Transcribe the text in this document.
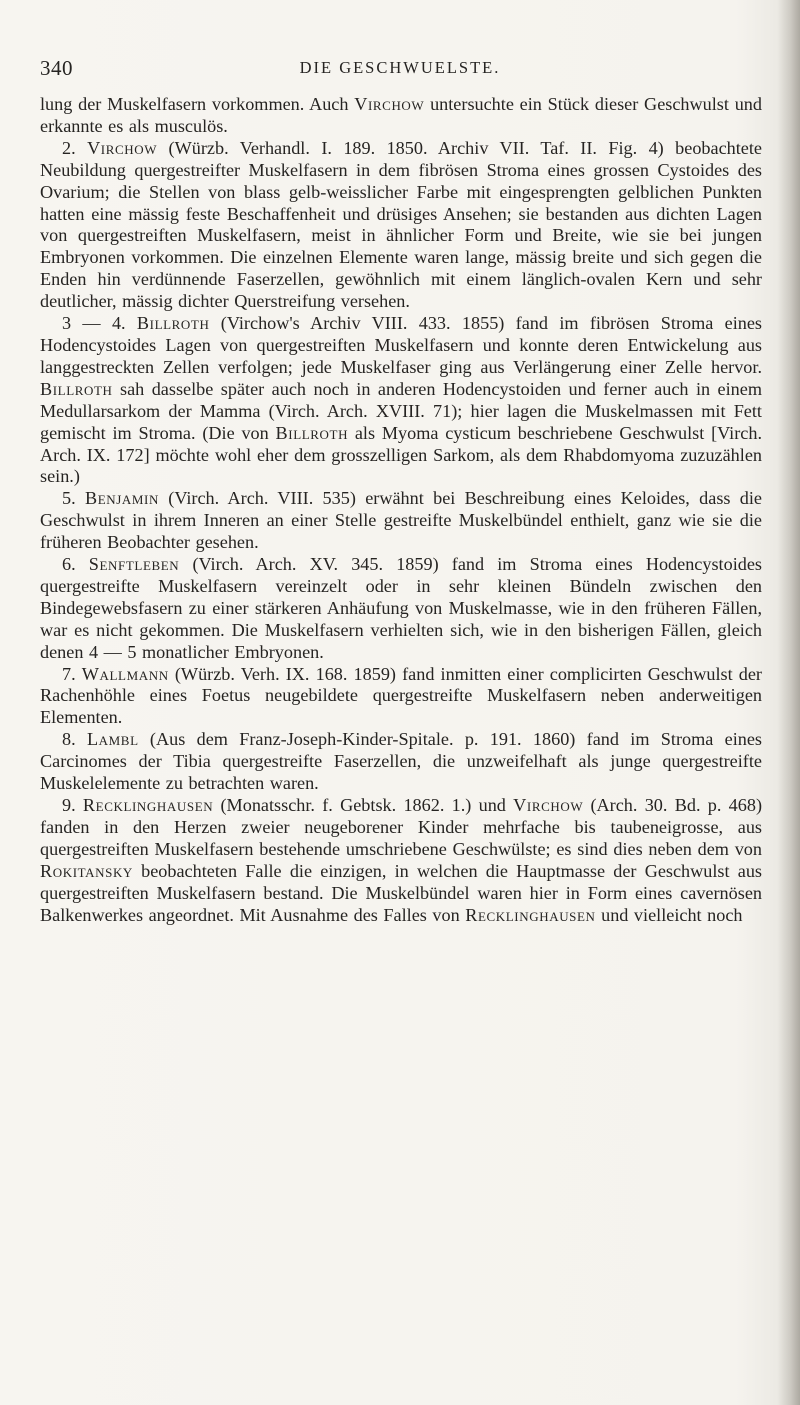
340	DIE GESCHWUELSTE.

lung der Muskelfasern vorkommen. Auch Virchow untersuchte ein Stück dieser Geschwulst und erkannte es als musculös.

2. Virchow (Würzb. Verhandl. I. 189. 1850. Archiv VII. Taf. II. Fig. 4) beobachtete Neubildung quergestreifter Muskelfasern in dem fibrösen Stroma eines grossen Cystoides des Ovarium; die Stellen von blass gelb-weisslicher Farbe mit eingesprengten gelblichen Punkten hatten eine mässig feste Beschaffenheit und drüsiges Ansehen; sie bestanden aus dichten Lagen von quergestreiften Muskelfasern, meist in ähnlicher Form und Breite, wie sie bei jungen Embryonen vorkommen. Die einzelnen Elemente waren lange, mässig breite und sich gegen die Enden hin verdünnende Faserzellen, gewöhnlich mit einem länglich-ovalen Kern und sehr deutlicher, mässig dichter Querstreifung versehen.

3 — 4. Billroth (Virchow's Archiv VIII. 433. 1855) fand im fibrösen Stroma eines Hodencystoides Lagen von quergestreiften Muskelfasern und konnte deren Entwickelung aus langgestreckten Zellen verfolgen; jede Muskelfaser ging aus Verlängerung einer Zelle hervor. Billroth sah dasselbe später auch noch in anderen Hodencystoiden und ferner auch in einem Medullarsarkom der Mamma (Virch. Arch. XVIII. 71); hier lagen die Muskelmassen mit Fett gemischt im Stroma. (Die von Billroth als Myoma cysticum beschriebene Geschwulst [Virch. Arch. IX. 172] möchte wohl eher dem grosszelligen Sarkom, als dem Rhabdomyoma zuzuzählen sein.)

5. Benjamin (Virch. Arch. VIII. 535) erwähnt bei Beschreibung eines Keloides, dass die Geschwulst in ihrem Inneren an einer Stelle gestreifte Muskelbündel enthielt, ganz wie sie die früheren Beobachter gesehen.

6. Senftleben (Virch. Arch. XV. 345. 1859) fand im Stroma eines Hodencystoides quergestreifte Muskelfasern vereinzelt oder in sehr kleinen Bündeln zwischen den Bindegewebsfasern zu einer stärkeren Anhäufung von Muskelmasse, wie in den früheren Fällen, war es nicht gekommen. Die Muskelfasern verhielten sich, wie in den bisherigen Fällen, gleich denen 4 — 5 monatlicher Embryonen.

7. Wallmann (Würzb. Verh. IX. 168. 1859) fand inmitten einer complicirten Geschwulst der Rachenhöhle eines Foetus neugebildete quergestreifte Muskelfasern neben anderweitigen Elementen.

8. Lambl (Aus dem Franz-Joseph-Kinder-Spitale. p. 191. 1860) fand im Stroma eines Carcinomes der Tibia quergestreifte Faserzellen, die unzweifelhaft als junge quergestreifte Muskelelemente zu betrachten waren.

9. Recklinghausen (Monatsschr. f. Gebtsk. 1862. 1.) und Virchow (Arch. 30. Bd. p. 468) fanden in den Herzen zweier neugeborener Kinder mehrfache bis taubeneigrosse, aus quergestreiften Muskelfasern bestehende umschriebene Geschwülste; es sind dies neben dem von Rokitansky beobachteten Falle die einzigen, in welchen die Hauptmasse der Geschwulst aus quergestreiften Muskelfasern bestand. Die Muskelbündel waren hier in Form eines cavernösen Balkenwerkes angeordnet. Mit Ausnahme des Falles von Recklinghausen und vielleicht noch
